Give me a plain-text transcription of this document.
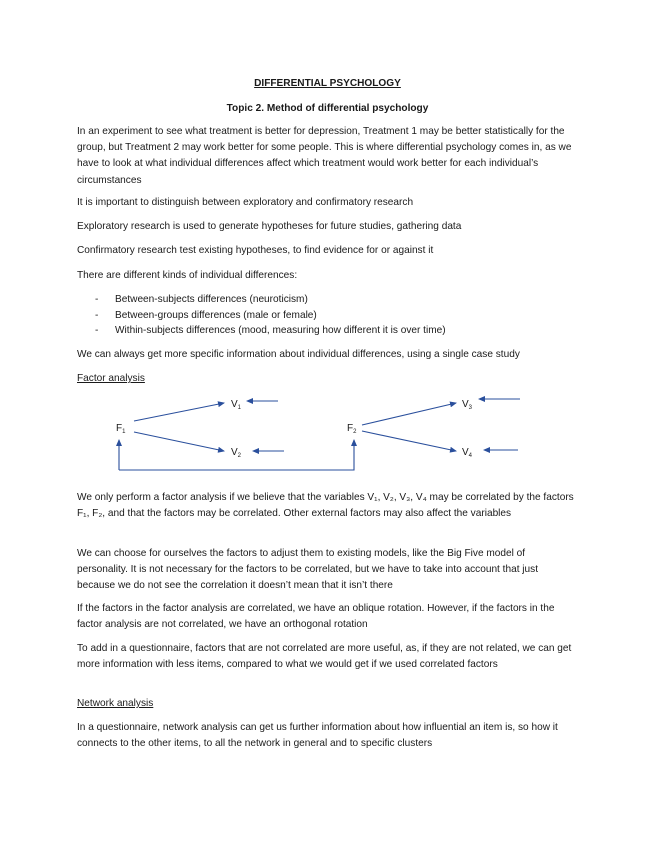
DIFFERENTIAL PSYCHOLOGY

Topic 2. Method of differential psychology

In an experiment to see what treatment is better for depression, Treatment 1 may be better statistically for the group, but Treatment 2 may work better for some people. This is where differential psychology comes in, as we have to look at what individual differences affect which treatment would work better for each individual’s circumstances

It is important to distinguish between exploratory and confirmatory research

Exploratory research is used to generate hypotheses for future studies, gathering data

Confirmatory research test existing hypotheses, to find evidence for or against it

There are different kinds of individual differences:

- Between-subjects differences (neuroticism)
- Between-groups differences (male or female)
- Within-subjects differences (mood, measuring how different it is over time)

We can always get more specific information about individual differences, using a single case study

Factor analysis

$V_1$
$V_2$
$V_3$
$V_4$
$F_1$	$F_2$

We only perform a factor analysis if we believe that the variables V₁, V₂, V₃, V₄ may be correlated by the factors F₁, F₂, and that the factors may be correlated. Other external factors may also affect the variables

We can choose for ourselves the factors to adjust them to existing models, like the Big Five model of personality. It is not necessary for the factors to be correlated, but we have to take into account that just because we do not see the correlation it doesn’t mean that it isn’t there

If the factors in the factor analysis are correlated, we have an oblique rotation. However, if the factors in the factor analysis are not correlated, we have an orthogonal rotation

To add in a questionnaire, factors that are not correlated are more useful, as, if they are not related, we can get more information with less items, compared to what we would get if we used correlated factors

Network analysis

In a questionnaire, network analysis can get us further information about how influential an item is, so how it connects to the other items, to all the network in general and to specific clusters
